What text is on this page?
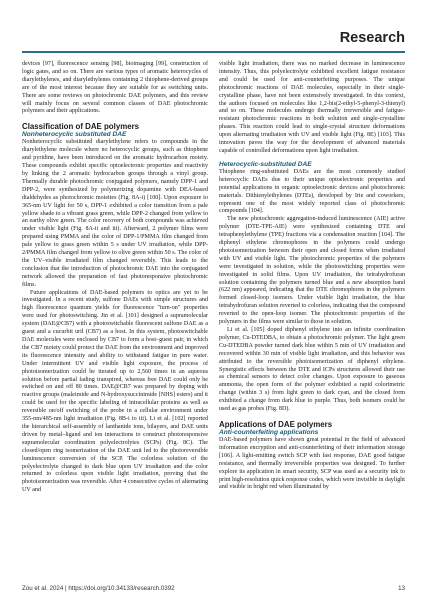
Research

devices [97], fluorescence sensing [98], bioimaging [99], construction of logic gates, and so on. There are various types of aromatic heterocycles of diarylethylenes, and diarylethylenes containing 2 thiophene-derived groups are of the most interest because they are suitable for as switching units. There are some reviews on photochromic DAE polymers, and this review will mainly focus on several common classes of DAE photochromic polymers and their applications.

Classification of DAE polymers
Nonheterocyclic substituted DAE

Nonheterocyclic substituted diarylethylene refers to compounds in the diarylethylene molecule where no heterocyclic groups, such as thiophene and pyridine, have been introduced on the aromatic hydrocarbon moiety. These compounds exhibit specific optoelectronic properties and reactivity by linking the 2 aromatic hydrocarbon groups through a vinyl group. Thermally durable photochromic conjugated polymers, namely DPP-1 and DPP-2, were synthesized by polymerizing dopamine with DEA-based dialdehydes as photochromic moieties (Fig. 8A-i) [100]. Upon exposure to 365-nm UV light for 50 s, DPP-1 exhibited a color transition from a pale yellow shade to a vibrant grass green, while DPP-2 changed from yellow to an earthy olive green. The color recovery of both compounds was achieved under visible light (Fig. 8A-ii and iii). Afterward, 2 polymer films were prepared using PMMA and the color of DPP-1/PMMA film changed from pale yellow to grass green within 5 s under UV irradiation, while DPP-2/PMMA film changed from yellow to olive green within 50 s. The color of the UV–visible irradiated film changed reversibly. This leads to the conclusion that the introduction of photochromic DAE into the conjugated network allowed the preparation of fast photoresponsive photochromic films.

Future applications of DAE-based polymers to optics are yet to be investigated. In a recent study, sulfone DAEs with simple structures and high fluorescence quantum yields for fluorescence "turn-on" properties were used for photoswitching. Jin et al. [101] designed a supramolecular system (DAE@CB7) with a photoswitchable fluorescent sulfone DAE as a guest and a cucurbit uril (CB7) as a host. In this system, photoswitchable DAE molecules were enclosed by CB7 to form a host–guest pair, in which the CB7 moiety could protect the DAE from the environment and improved its fluorescence intensity and ability to withstand fatigue in pure water. Under intermittent UV and visible light exposure, the process of photoisomerization could be iterated up to 2,560 times in an aqueous solution before partial fading transpired, whereas free DAE could only be switched on and off 80 times. DAE@CB7 was prepared by doping with reactive groups (maleimide and N-hydroxysuccinimide [NHS] esters) and it could be used for the specific labeling of intracellular proteins as well as reversible on/off switching of the probe in a cellular environment under 355-nm/485-nm light irradiation (Fig. 8B-i to iii). Li et al. [102] reported the hierarchical self-assembly of lanthanide ions, bilayers, and DAE units driven by metal–ligand and ion interactions to construct photoresponsive supramolecular coordination polyelectrolytes (SCPs) (Fig. 8C). The closed/open ring isomerization of the DAE unit led to the photoreversible luminescence conversion of the SCP. The colorless solution of the polyelectrolyte changed to dark blue upon UV irradiation and the color returned to colorless upon visible light irradiation, proving that the photoisomerization was reversible. After 4 consecutive cycles of alternating UV and

visible light irradiation, there was no marked decrease in luminescence intensity. Thus, this polyelectrolyte exhibited excellent fatigue resistance and could be used for anti-counterfeiting purposes. The unique photochromic reactions of DAE molecules, especially in their single-crystalline phase, have not been extensively investigated. In this context, the authors focused on molecules like 1,2-bis(2-ethyl-5-phenyl-3-thienyl) and so on. These molecules undergo thermally irreversible and fatigue-resistant photochromic reactions in both solution and single-crystalline phases. This reaction could lead to single-crystal structure deformations upon alternating irradiation with UV and visible light (Fig. 8E) [103]. This innovation paves the way for the development of advanced materials capable of controlled deformations upon light irradiation.

Heterocyclic-substituted DAE

Thiophene ring-substituted DAEs are the most commonly studied heterocyclic DAEs due to their unique optoelectronic properties and potential applications in organic optoelectronic devices and photochromic materials. Dithienylethylenes (DTEs), developed by Irie and coworkers, represent one of the most widely reported class of photochromic compounds [104].

The new photochromic aggregation-induced luminescence (AIE) active polymer (DTE-TPE-AIE) were synthesized containing DTE and tetraphenylethylene (TPE) fractions via a condensation reaction [104]. The diphenyl ethylene chromophores in the polymers could undergo photoisomerization between their open and closed forms when irradiated with UV and visible light. The photochromic properties of the polymers were investigated in solution, while the photoswitching properties were investigated in solid films. Upon UV irradiation, the tetrahydrofuran solution containing the polymers turned blue and a new absorption band (622 nm) appeared, indicating that the DTE chromophores in the polymers formed closed-loop isomers. Under visible light irradiation, the blue tetrahydrofuran solution reverted to colorless, indicating that the compound reverted to the open-loop isomer. The photochromic properties of the polymers in the films were similar to those in solution.

Li et al. [105] doped diphenyl ethylene into an infinite coordination polymer, Cu-DTEDBA, to obtain a photochromic polymer. The light green Cu-DTEDBA powder turned dark blue within 5 min of UV irradiation and recovered within 30 min of visible light irradiation, and this behavior was attributed to the reversible photoisomerization of diphenyl ethylene. Synergistic effects between the DTE and ICPs structures allowed their use as chemical sensors to detect color changes. Upon exposure to gaseous ammonia, the open form of the polymer exhibited a rapid colorimetric change (within 3 s) from light green to dark cyan, and the closed form exhibited a change from dark blue to purple. Thus, both isomers could be used as gas probes (Fig. 8D).

Applications of DAE polymers
Anti-counterfeiting applications

DAE-based polymers have shown great potential in the field of advanced information encryption and anti-counterfeiting of their information storage [106]. A light-emitting switch SCP with fast response, DAE good fatigue resistance, and thermally irreversible properties was designed. To further explore its application in smart security, SCP was used as a security ink to print high-resolution quick response codes, which were invisible in daylight and visible in bright red when illuminated by

Zou et al. 2024 | https://doi.org/10.34133/research.0392	13
